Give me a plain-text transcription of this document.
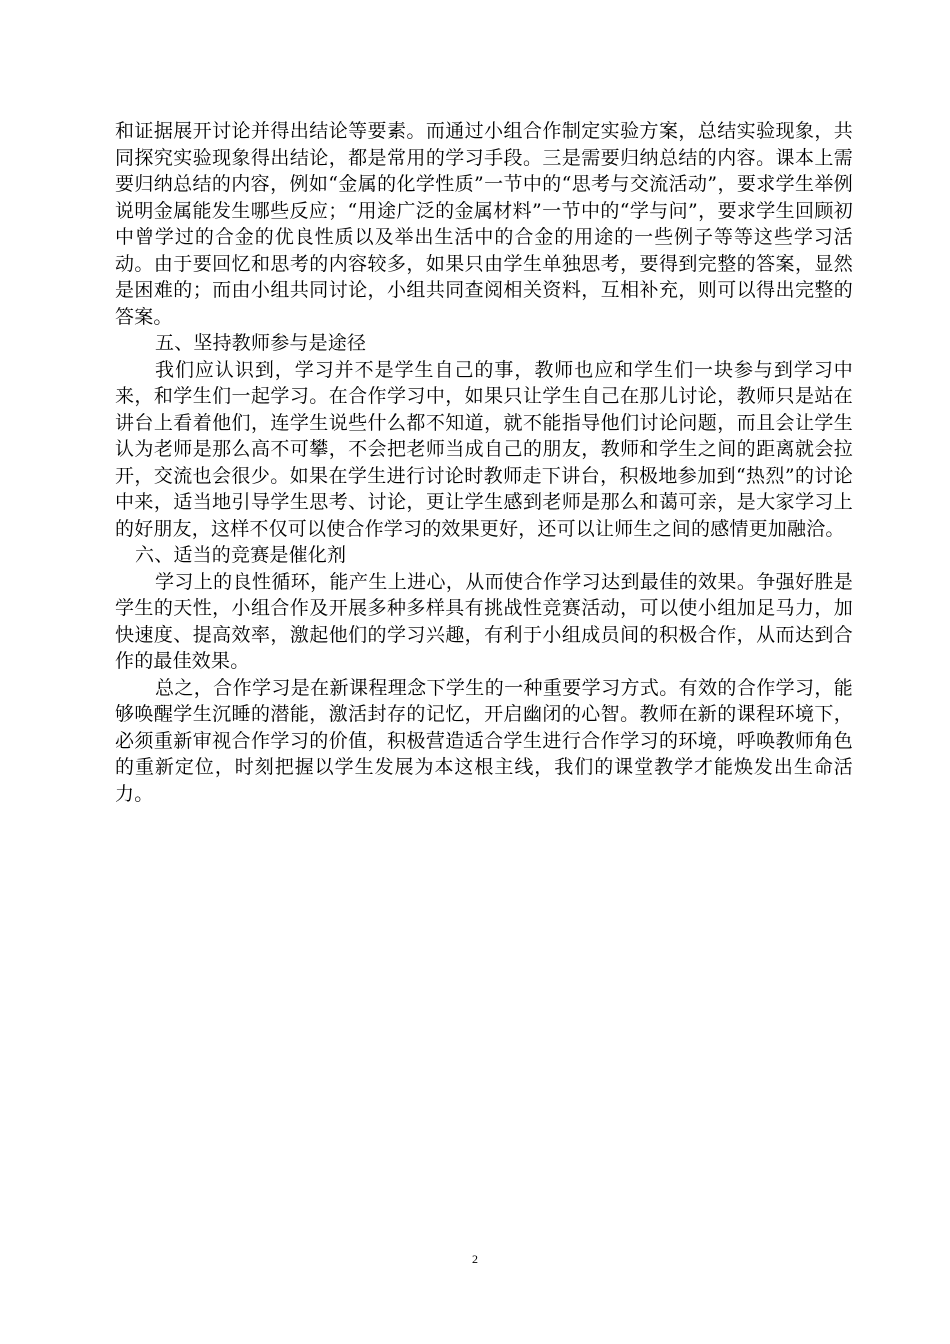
和证据展开讨论并得出结论等要素。而通过小组合作制定实验方案，总结实验现象，共同探究实验现象得出结论，都是常用的学习手段。三是需要归纳总结的内容。课本上需要归纳总结的内容，例如“金属的化学性质”一节中的“思考与交流活动”，要求学生举例说明金属能发生哪些反应；“用途广泛的金属材料”一节中的“学与问”，要求学生回顾初中曾学过的合金的优良性质以及举出生活中的合金的用途的一些例子等等这些学习活动。由于要回忆和思考的内容较多，如果只由学生单独思考，要得到完整的答案，显然是困难的；而由小组共同讨论，小组共同查阅相关资料，互相补充，则可以得出完整的答案。

五、坚持教师参与是途径

我们应认识到，学习并不是学生自己的事，教师也应和学生们一块参与到学习中来，和学生们一起学习。在合作学习中，如果只让学生自己在那儿讨论，教师只是站在讲台上看着他们，连学生说些什么都不知道，就不能指导他们讨论问题，而且会让学生认为老师是那么高不可攀，不会把老师当成自己的朋友，教师和学生之间的距离就会拉开，交流也会很少。如果在学生进行讨论时教师走下讲台，积极地参加到“热烈”的讨论中来，适当地引导学生思考、讨论，更让学生感到老师是那么和蔼可亲，是大家学习上的好朋友，这样不仅可以使合作学习的效果更好，还可以让师生之间的感情更加融洽。

六、适当的竞赛是催化剂

学习上的良性循环，能产生上进心，从而使合作学习达到最佳的效果。争强好胜是学生的天性，小组合作及开展多种多样具有挑战性竞赛活动，可以使小组加足马力，加快速度、提高效率，激起他们的学习兴趣，有利于小组成员间的积极合作，从而达到合作的最佳效果。

总之，合作学习是在新课程理念下学生的一种重要学习方式。有效的合作学习，能够唤醒学生沉睡的潜能，激活封存的记忆，开启幽闭的心智。教师在新的课程环境下，必须重新审视合作学习的价值，积极营造适合学生进行合作学习的环境，呼唤教师角色的重新定位，时刻把握以学生发展为本这根主线，我们的课堂教学才能焕发出生命活力。

2
